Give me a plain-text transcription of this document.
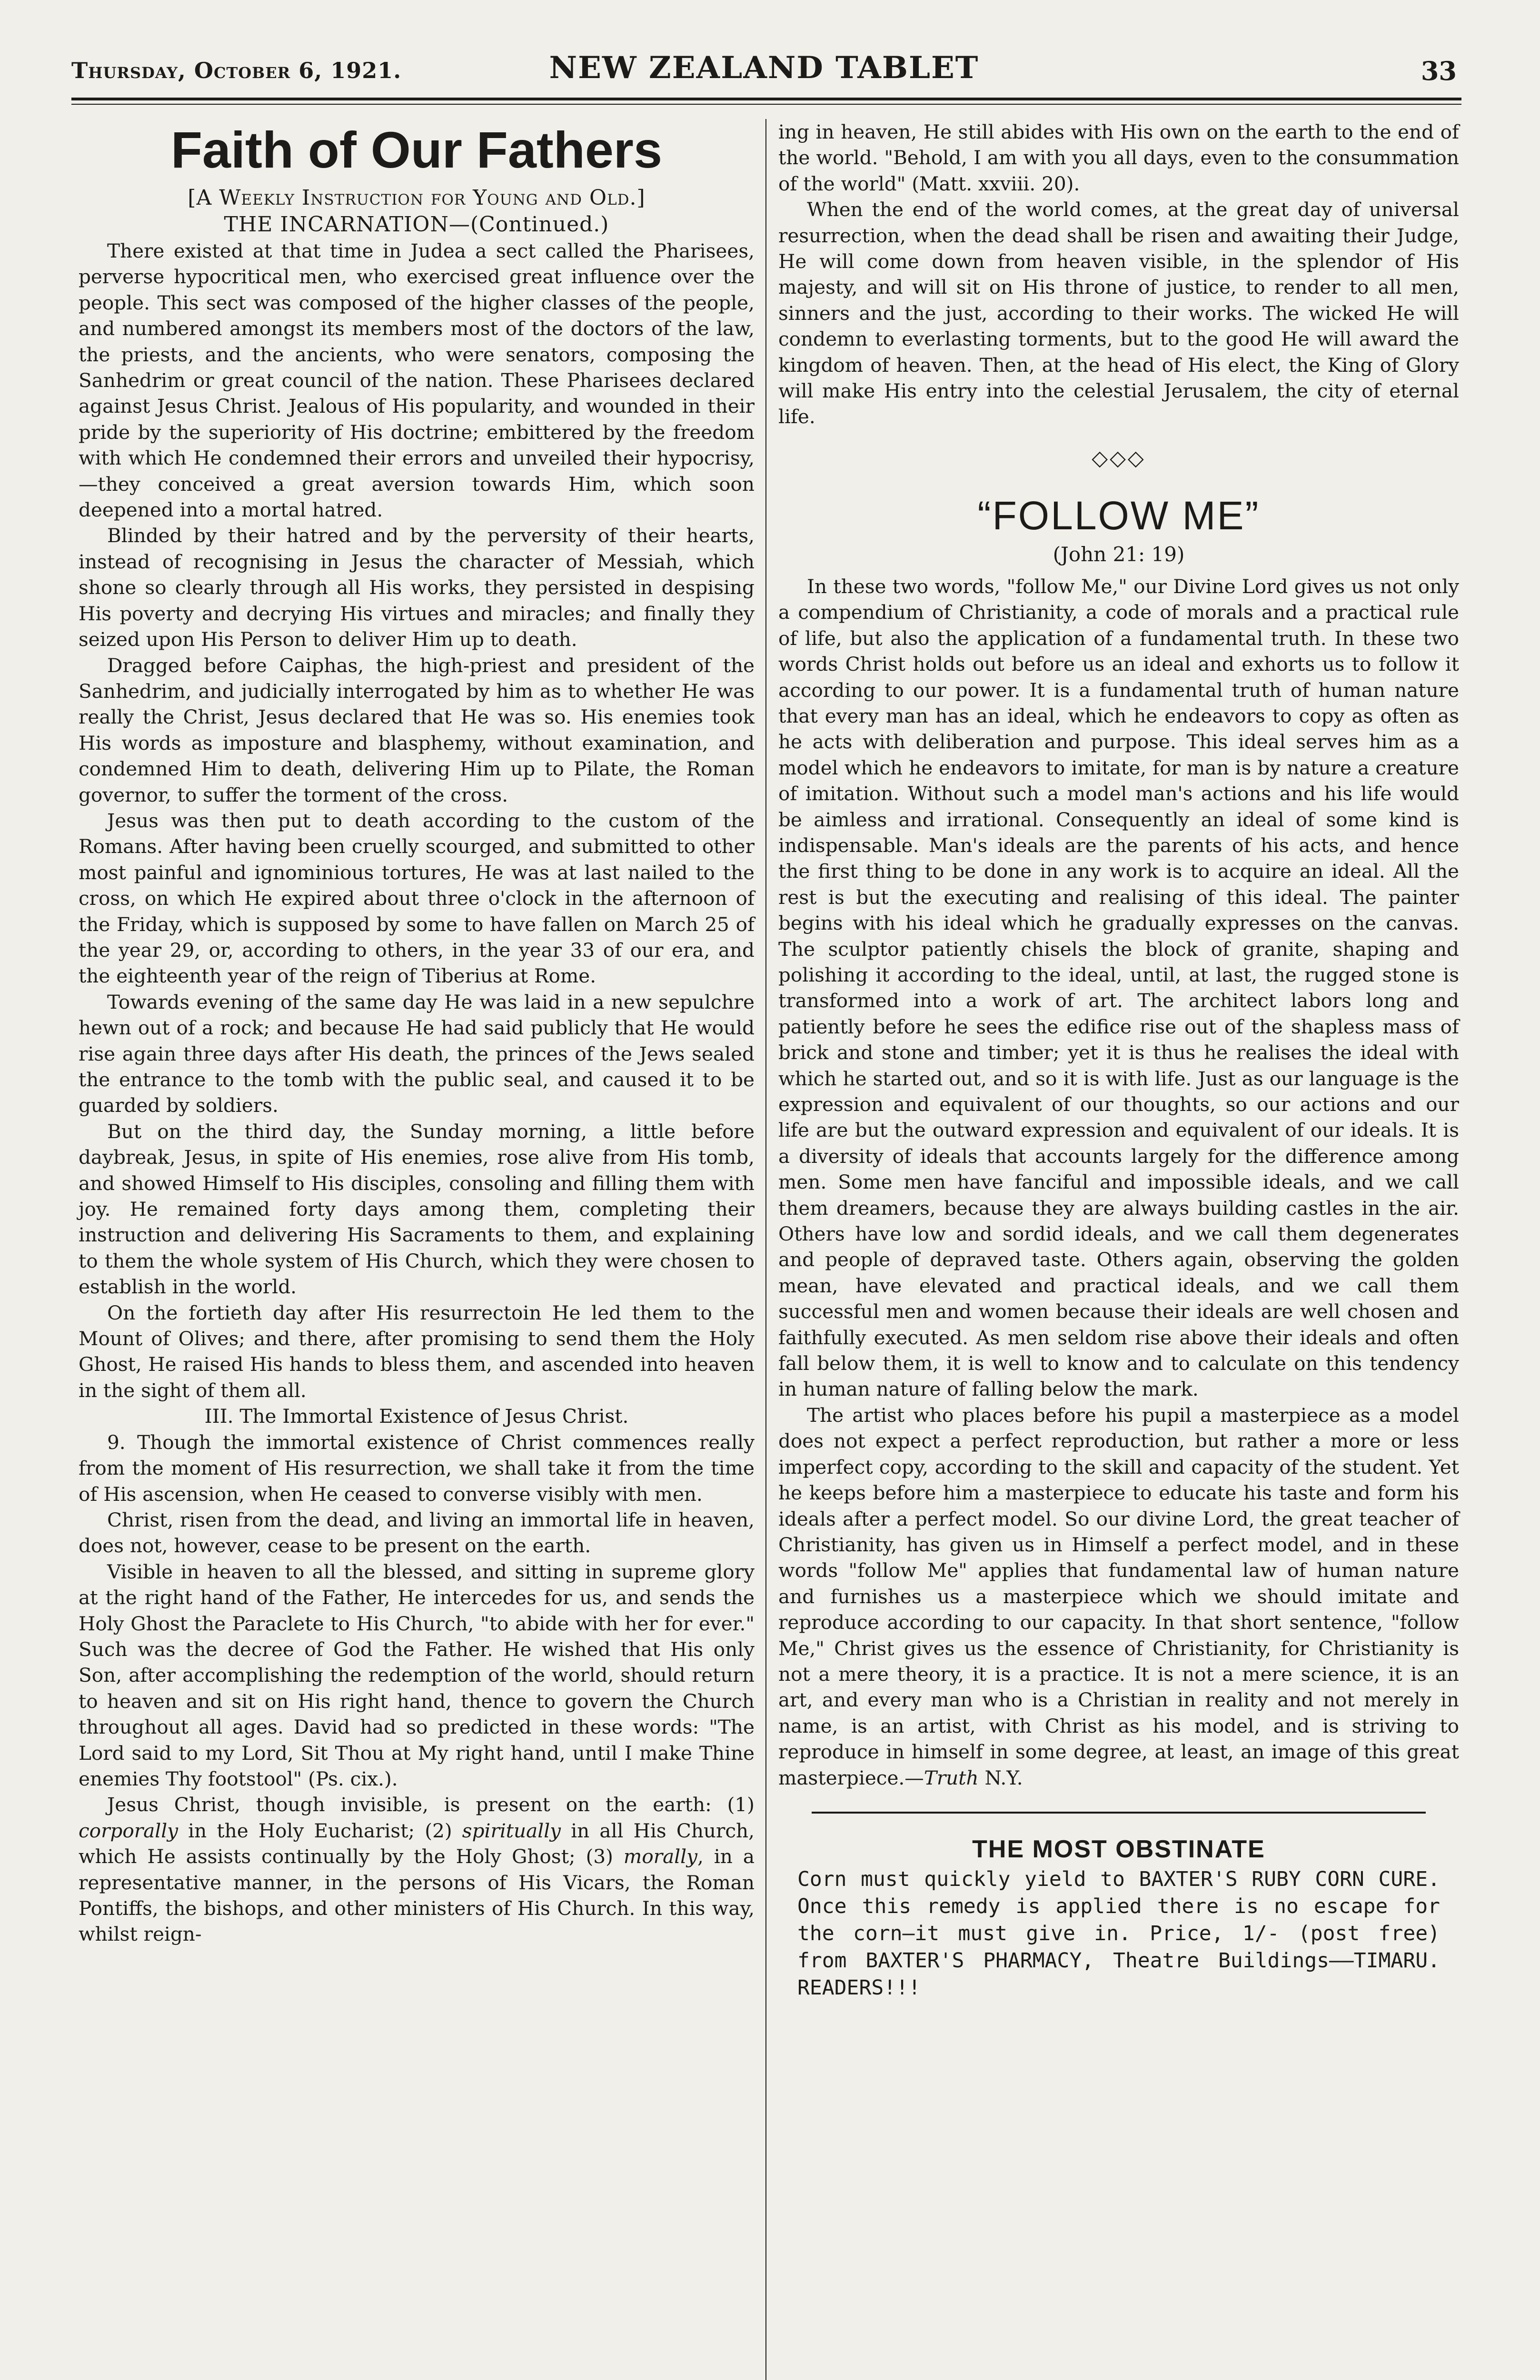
Thursday, October 6, 1921.	NEW ZEALAND TABLET	33
Faith of Our Fathers
[A Weekly Instruction for Young and Old.]
THE INCARNATION—(Continued.)

There existed at that time in Judea a sect called the Pharisees, perverse hypocritical men, who exercised great influence over the people. This sect was composed of the higher classes of the people, and numbered amongst its members most of the doctors of the law, the priests, and the ancients, who were senators, composing the Sanhedrim or great council of the nation. These Pharisees declared against Jesus Christ. Jealous of His popularity, and wounded in their pride by the superiority of His doctrine; embittered by the freedom with which He condemned their errors and unveiled their hypocrisy,—they conceived a great aversion towards Him, which soon deepened into a mortal hatred.

Blinded by their hatred and by the perversity of their hearts, instead of recognising in Jesus the character of Messiah, which shone so clearly through all His works, they persisted in despising His poverty and decrying His virtues and miracles; and finally they seized upon His Person to deliver Him up to death.

Dragged before Caiphas, the high-priest and president of the Sanhedrim, and judicially interrogated by him as to whether He was really the Christ, Jesus declared that He was so. His enemies took His words as imposture and blasphemy, without examination, and condemned Him to death, delivering Him up to Pilate, the Roman governor, to suffer the torment of the cross.

Jesus was then put to death according to the custom of the Romans. After having been cruelly scourged, and submitted to other most painful and ignominious tortures, He was at last nailed to the cross, on which He expired about three o'clock in the afternoon of the Friday, which is supposed by some to have fallen on March 25 of the year 29, or, according to others, in the year 33 of our era, and the eighteenth year of the reign of Tiberius at Rome.

Towards evening of the same day He was laid in a new sepulchre hewn out of a rock; and because He had said publicly that He would rise again three days after His death, the princes of the Jews sealed the entrance to the tomb with the public seal, and caused it to be guarded by soldiers.

But on the third day, the Sunday morning, a little before daybreak, Jesus, in spite of His enemies, rose alive from His tomb, and showed Himself to His disciples, consoling and filling them with joy. He remained forty days among them, completing their instruction and delivering His Sacraments to them, and explaining to them the whole system of His Church, which they were chosen to establish in the world.

On the fortieth day after His resurrectoin He led them to the Mount of Olives; and there, after promising to send them the Holy Ghost, He raised His hands to bless them, and ascended into heaven in the sight of them all.

III. The Immortal Existence of Jesus Christ.

9. Though the immortal existence of Christ commences really from the moment of His resurrection, we shall take it from the time of His ascension, when He ceased to converse visibly with men.

Christ, risen from the dead, and living an immortal life in heaven, does not, however, cease to be present on the earth.

Visible in heaven to all the blessed, and sitting in supreme glory at the right hand of the Father, He intercedes for us, and sends the Holy Ghost the Paraclete to His Church, "to abide with her for ever." Such was the decree of God the Father. He wished that His only Son, after accomplishing the redemption of the world, should return to heaven and sit on His right hand, thence to govern the Church throughout all ages. David had so predicted in these words: "The Lord said to my Lord, Sit Thou at My right hand, until I make Thine enemies Thy footstool" (Ps. cix.).

Jesus Christ, though invisible, is present on the earth: (1) corporally in the Holy Eucharist; (2) spiritually in all His Church, which He assists continually by the Holy Ghost; (3) morally, in a representative manner, in the persons of His Vicars, the Roman Pontiffs, the bishops, and other ministers of His Church. In this way, whilst reign-

ing in heaven, He still abides with His own on the earth to the end of the world. "Behold, I am with you all days, even to the consummation of the world" (Matt. xxviii. 20).

When the end of the world comes, at the great day of universal resurrection, when the dead shall be risen and awaiting their Judge, He will come down from heaven visible, in the splendor of His majesty, and will sit on His throne of justice, to render to all men, sinners and the just, according to their works. The wicked He will condemn to everlasting torments, but to the good He will award the kingdom of heaven. Then, at the head of His elect, the King of Glory will make His entry into the celestial Jerusalem, the city of eternal life.

◇◇◇
“FOLLOW ME”
(John 21: 19)

In these two words, "follow Me," our Divine Lord gives us not only a compendium of Christianity, a code of morals and a practical rule of life, but also the application of a fundamental truth. In these two words Christ holds out before us an ideal and exhorts us to follow it according to our power. It is a fundamental truth of human nature that every man has an ideal, which he endeavors to copy as often as he acts with deliberation and purpose. This ideal serves him as a model which he endeavors to imitate, for man is by nature a creature of imitation. Without such a model man's actions and his life would be aimless and irrational. Consequently an ideal of some kind is indispensable. Man's ideals are the parents of his acts, and hence the first thing to be done in any work is to acquire an ideal. All the rest is but the executing and realising of this ideal. The painter begins with his ideal which he gradually expresses on the canvas. The sculptor patiently chisels the block of granite, shaping and polishing it according to the ideal, until, at last, the rugged stone is transformed into a work of art. The architect labors long and patiently before he sees the edifice rise out of the shapless mass of brick and stone and timber; yet it is thus he realises the ideal with which he started out, and so it is with life. Just as our language is the expression and equivalent of our thoughts, so our actions and our life are but the outward expression and equivalent of our ideals. It is a diversity of ideals that accounts largely for the difference among men. Some men have fanciful and impossible ideals, and we call them dreamers, because they are always building castles in the air. Others have low and sordid ideals, and we call them degenerates and people of depraved taste. Others again, observing the golden mean, have elevated and practical ideals, and we call them successful men and women because their ideals are well chosen and faithfully executed. As men seldom rise above their ideals and often fall below them, it is well to know and to calculate on this tendency in human nature of falling below the mark.

The artist who places before his pupil a masterpiece as a model does not expect a perfect reproduction, but rather a more or less imperfect copy, according to the skill and capacity of the student. Yet he keeps before him a masterpiece to educate his taste and form his ideals after a perfect model. So our divine Lord, the great teacher of Christianity, has given us in Himself a perfect model, and in these words "follow Me" applies that fundamental law of human nature and furnishes us a masterpiece which we should imitate and reproduce according to our capacity. In that short sentence, "follow Me," Christ gives us the essence of Christianity, for Christianity is not a mere theory, it is a practice. It is not a mere science, it is an art, and every man who is a Christian in reality and not merely in name, is an artist, with Christ as his model, and is striving to reproduce in himself in some degree, at least, an image of this great masterpiece.—Truth N.Y.

THE MOST OBSTINATE
Corn must quickly yield to BAXTER'S RUBY CORN CURE. Once this remedy is applied there is no escape for the corn—it must give in. Price, 1/- (post free) from BAXTER'S PHARMACY, Theatre Buildings——TIMARU. READERS!!!
